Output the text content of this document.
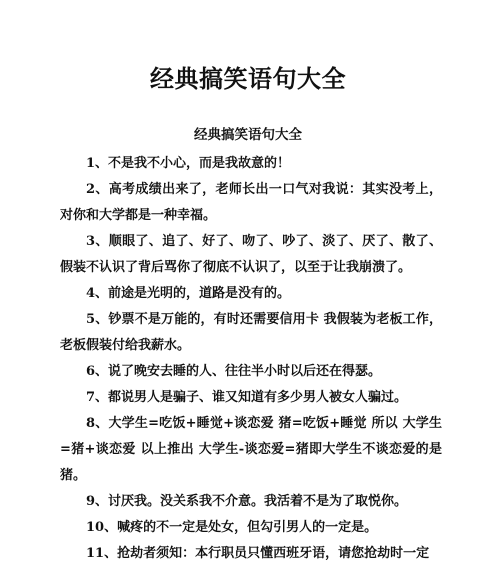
经典搞笑语句大全
经典搞笑语句大全

1、不是我不小心，而是我故意的！

2、高考成绩出来了，老师长出一口气对我说：其实没考上，对你和大学都是一种幸福。

3、顺眼了、追了、好了、吻了、吵了、淡了、厌了、散了、假装不认识了背后骂你了彻底不认识了，以至于让我崩溃了。

4、前途是光明的，道路是没有的。

5、钞票不是万能的，有时还需要信用卡 我假装为老板工作，老板假装付给我薪水。

6、说了晚安去睡的人、往往半小时以后还在得瑟。

7、都说男人是骗子、谁又知道有多少男人被女人骗过。

8、大学生=吃饭+睡觉+谈恋爱 猪=吃饭+睡觉 所以 大学生=猪+谈恋爱 以上推出 大学生-谈恋爱=猪即大学生不谈恋爱的是猪。

9、讨厌我。没关系我不介意。我活着不是为了取悦你。

10、喊疼的不一定是处女，但勾引男人的一定是。

11、抢劫者须知：本行职员只懂西班牙语，请您抢劫时一定
